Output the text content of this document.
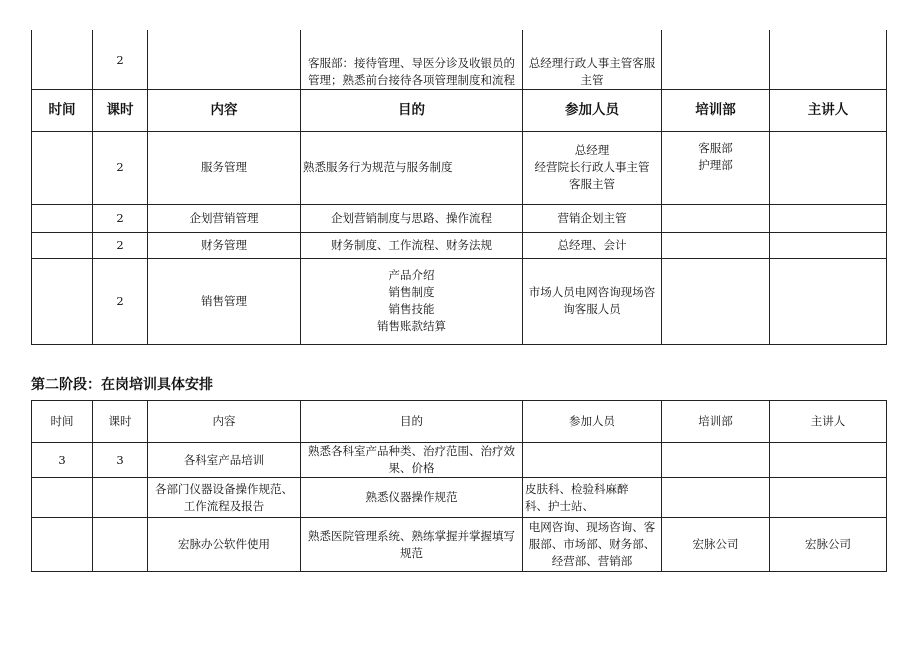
	2		客服部：接待管理、导医分诊及收银员的
管理；熟悉前台接待各项管理制度和流程	总经理行政人事主管客服
主管		

时间	课时	内容	目的	参加人员	培训部	主讲人
	2	服务管理	熟悉服务行为规范与服务制度	总经理
经营院长行政人事主管
客服主管	客服部
护理部	

	2	企划营销管理	企划营销制度与思路、操作流程	营销企划主管		
	2	财务管理	财务制度、工作流程、财务法规	总经理、会计		
	2	销售管理	产品介绍
销售制度
销售技能
销售账款结算	市场人员电网咨询现场咨
询客服人员		

第二阶段：在岗培训具体安排
时间	课时	内容	目的	参加人员	培训部	主讲人
3	3	各科室产品培训	熟悉各科室产品种类、治疗范围、治疗效
果、价格			

		各部门仪器设备操作规范、
工作流程及报告	熟悉仪器操作规范	皮肤科、检验科麻醉
科、护士站、		

		宏脉办公软件使用	熟悉医院管理系统、熟练掌握并掌握填写
规范	电网咨询、现场咨询、客
服部、市场部、财务部、
经营部、营销部	宏脉公司	宏脉公司
